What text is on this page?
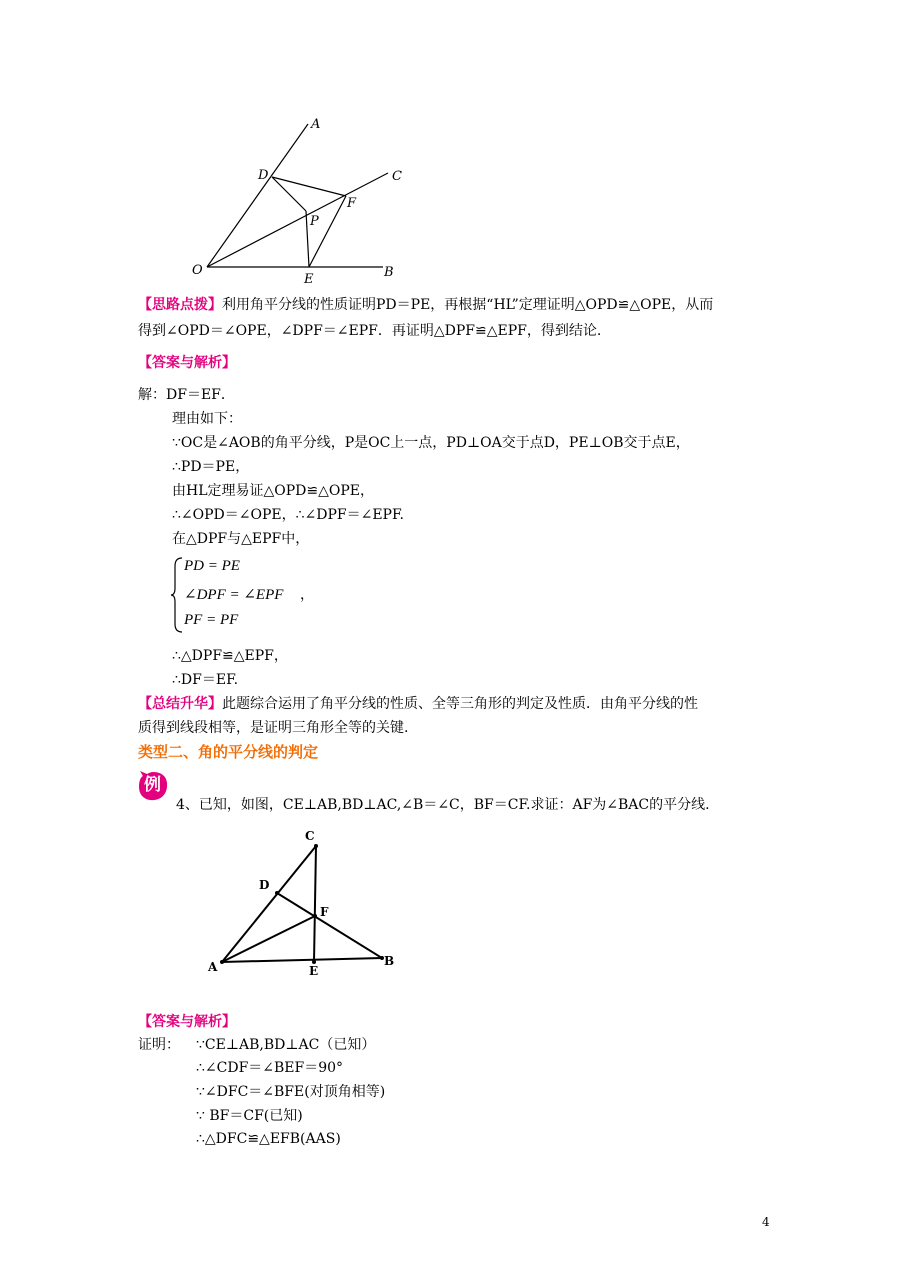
A
C
D
F
P
O
E	B
【思路点拨】利用角平分线的性质证明PD＝PE，再根据“HL”定理证明△OPD≌△OPE，从而
得到∠OPD＝∠OPE，∠DPF＝∠EPF．再证明△DPF≌△EPF，得到结论.
【答案与解析】
解：DF＝EF．
理由如下：
∵OC是∠AOB的角平分线，P是OC上一点，PD⊥OA交于点D，PE⊥OB交于点E，
∴PD＝PE，
由HL定理易证△OPD≌△OPE，
∴∠OPD＝∠OPE，∴∠DPF＝∠EPF.
在△DPF与△EPF中，
PD = PE
∠DPF = ∠EPF ，
PF = PF
∴△DPF≌△EPF，
∴DF＝EF.
【总结升华】此题综合运用了角平分线的性质、全等三角形的判定及性质．由角平分线的性
质得到线段相等，是证明三角形全等的关键.
类型二、角的平分线的判定
例
4、已知，如图，CE⊥AB,BD⊥AC,∠B＝∠C，BF＝CF.求证：AF为∠BAC的平分线.
C
D
F
A	E
B
【答案与解析】
证明： ∵CE⊥AB,BD⊥AC（已知）
∴∠CDF＝∠BEF＝90°
∵∠DFC＝∠BFE(对顶角相等)
∵ BF＝CF(已知)
∴△DFC≌△EFB(AAS)
4
